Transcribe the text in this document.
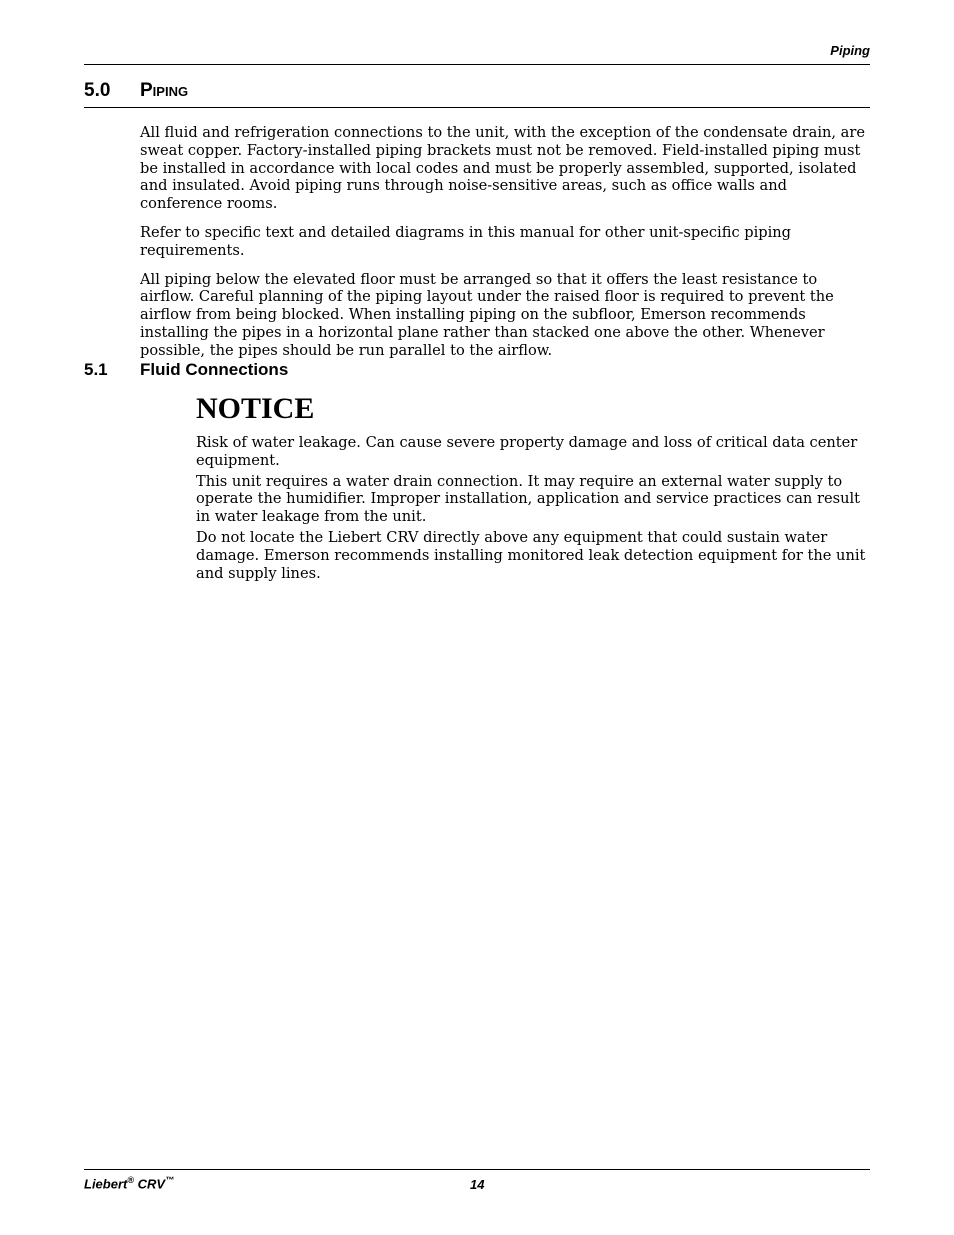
Piping
5.0 Piping

All fluid and refrigeration connections to the unit, with the exception of the condensate drain, are sweat copper. Factory-installed piping brackets must not be removed. Field-installed piping must be installed in accordance with local codes and must be properly assembled, supported, isolated and insulated. Avoid piping runs through noise-sensitive areas, such as office walls and conference rooms.

Refer to specific text and detailed diagrams in this manual for other unit-specific piping requirements.

All piping below the elevated floor must be arranged so that it offers the least resistance to airflow. Careful planning of the piping layout under the raised floor is required to prevent the airflow from being blocked. When installing piping on the subfloor, Emerson recommends installing the pipes in a horizontal plane rather than stacked one above the other. Whenever possible, the pipes should be run parallel to the airflow.

5.1 Fluid Connections
NOTICE

Risk of water leakage. Can cause severe property damage and loss of critical data center equipment.

This unit requires a water drain connection. It may require an external water supply to operate the humidifier. Improper installation, application and service practices can result in water leakage from the unit.

Do not locate the Liebert CRV directly above any equipment that could sustain water damage. Emerson recommends installing monitored leak detection equipment for the unit and supply lines.

Liebert® CRV™	14
